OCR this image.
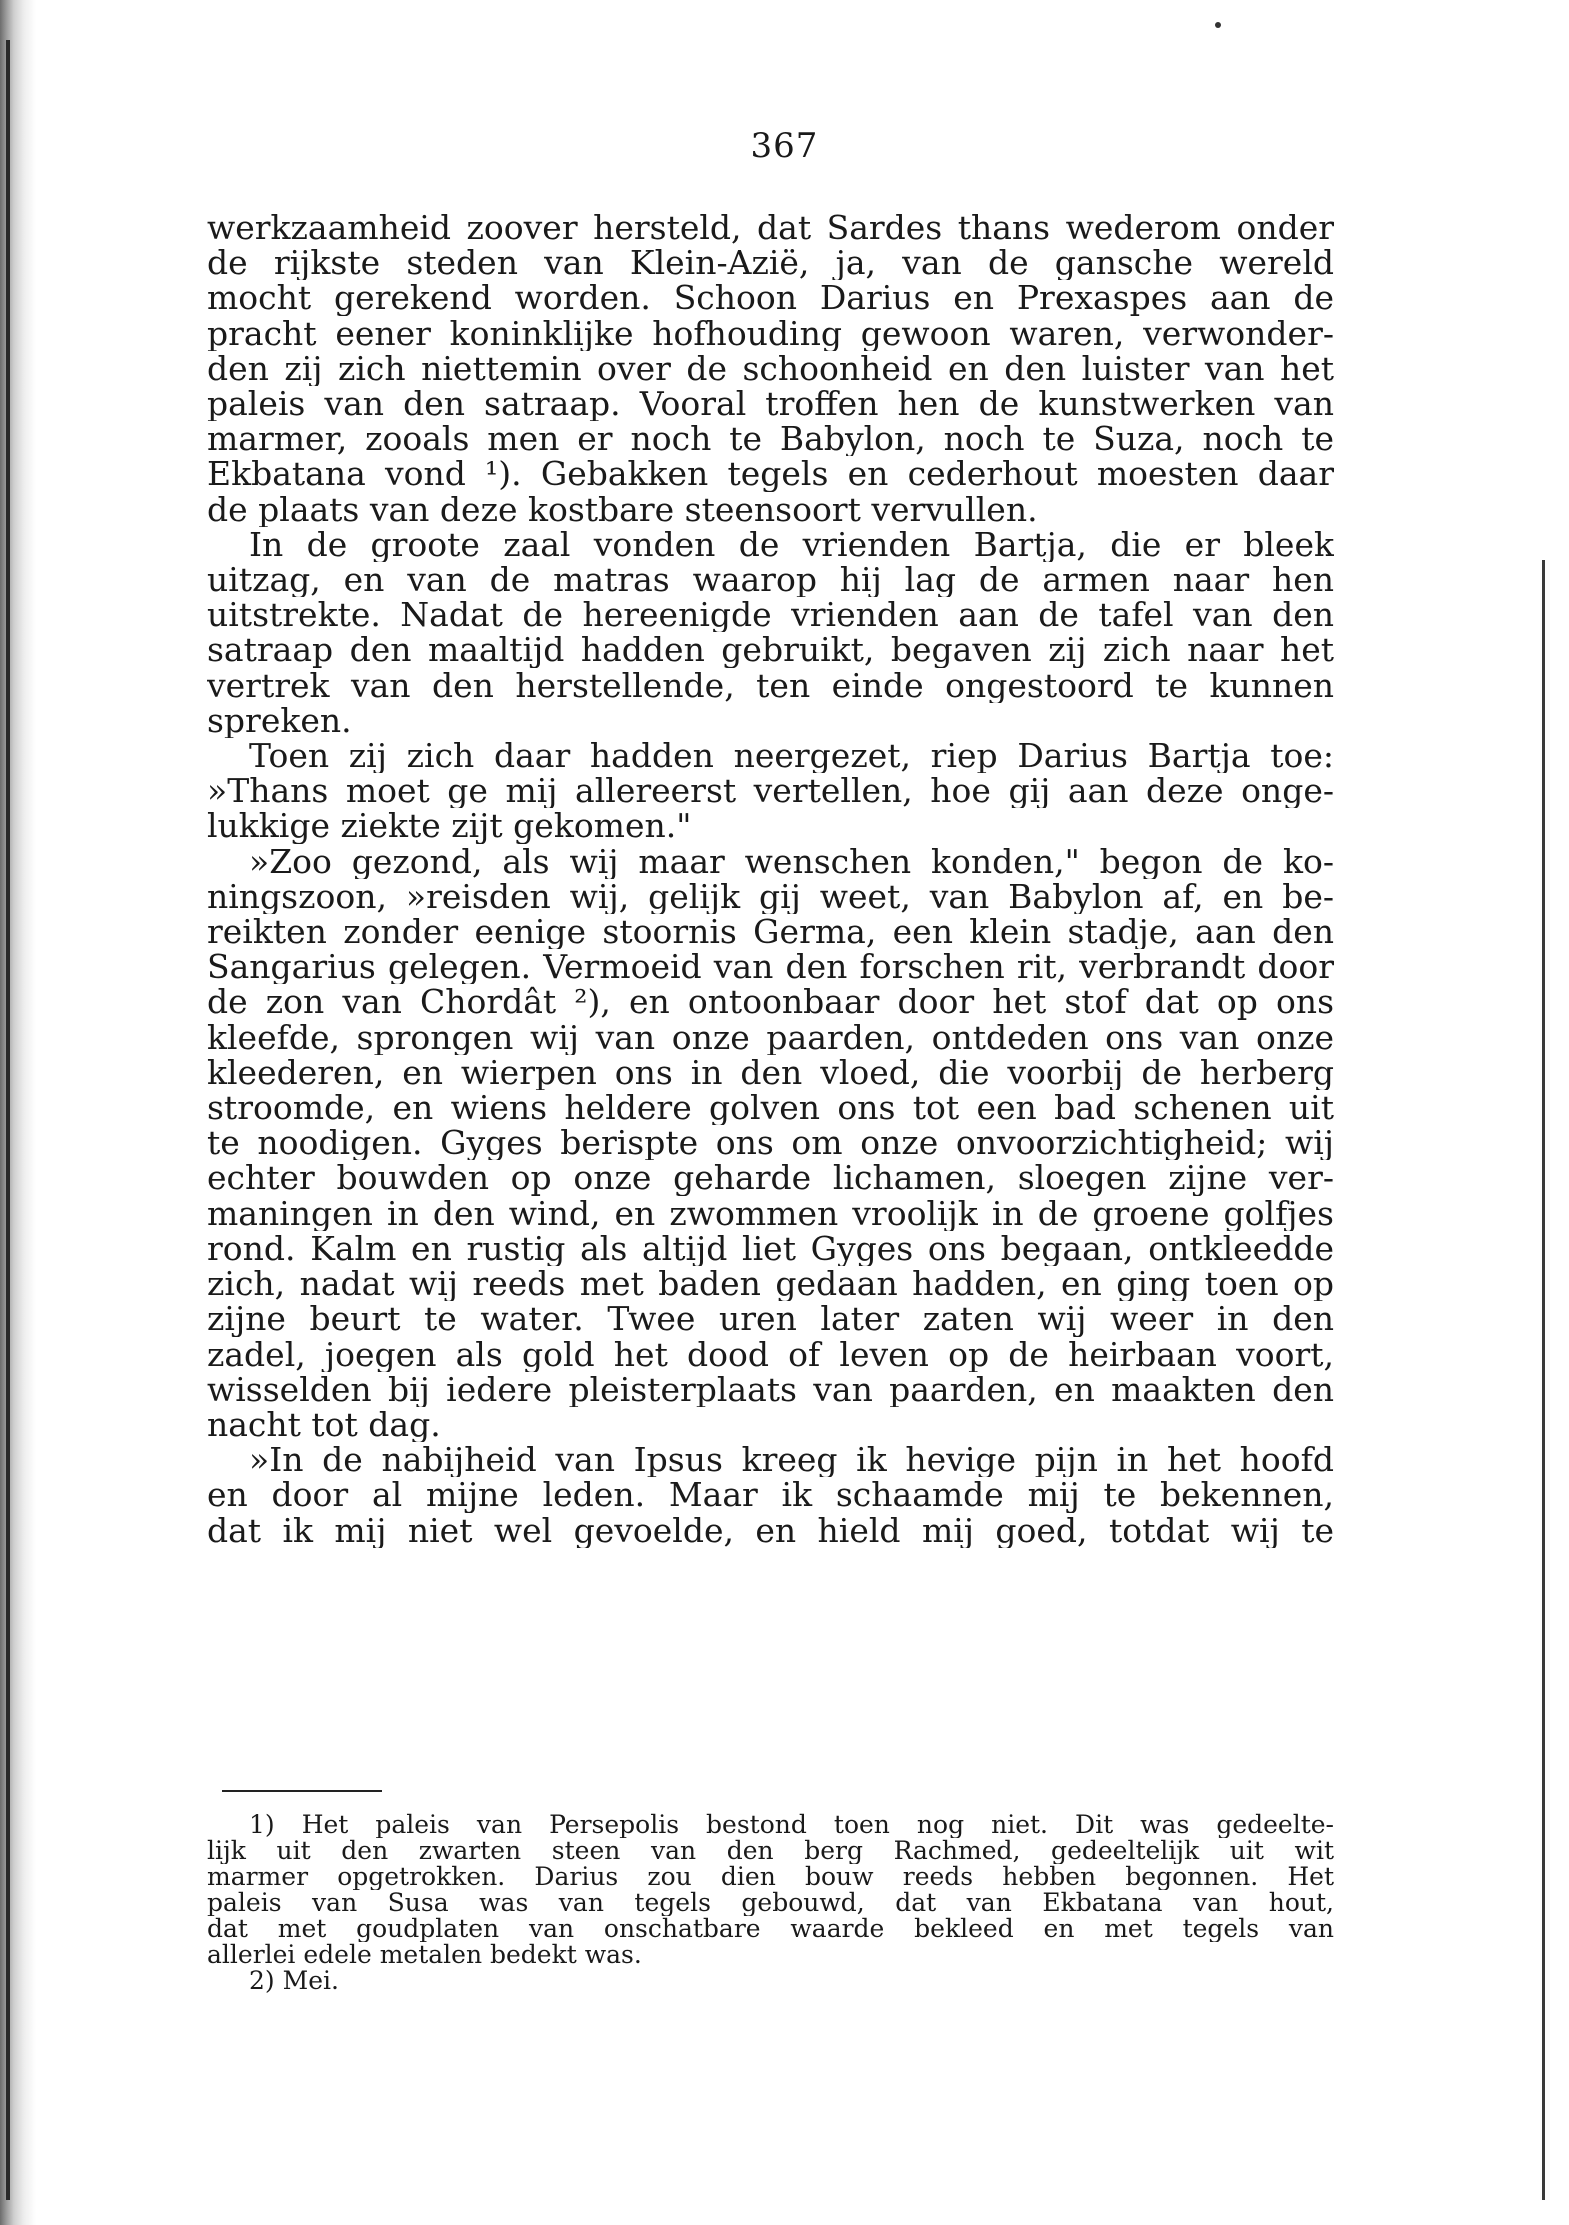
367

werkzaamheid zoover hersteld, dat Sardes thans wederom onder

de rijkste steden van Klein-Azië, ja, van de gansche wereld

mocht gerekend worden. Schoon Darius en Prexaspes aan de

pracht eener koninklijke hofhouding gewoon waren, verwonder-

den zij zich niettemin over de schoonheid en den luister van het

paleis van den satraap. Vooral troffen hen de kunstwerken van

marmer, zooals men er noch te Babylon, noch te Suza, noch te

Ekbatana vond ¹). Gebakken tegels en cederhout moesten daar

de plaats van deze kostbare steensoort vervullen.

In de groote zaal vonden de vrienden Bartja, die er bleek

uitzag, en van de matras waarop hij lag de armen naar hen

uitstrekte. Nadat de hereenigde vrienden aan de tafel van den

satraap den maaltijd hadden gebruikt, begaven zij zich naar het

vertrek van den herstellende, ten einde ongestoord te kunnen

spreken.

Toen zij zich daar hadden neergezet, riep Darius Bartja toe:

»Thans moet ge mij allereerst vertellen, hoe gij aan deze onge-

lukkige ziekte zijt gekomen."

»Zoo gezond, als wij maar wenschen konden," begon de ko-

ningszoon, »reisden wij, gelijk gij weet, van Babylon af, en be-

reikten zonder eenige stoornis Germa, een klein stadje, aan den

Sangarius gelegen. Vermoeid van den forschen rit, verbrandt door

de zon van Chordât ²), en ontoonbaar door het stof dat op ons

kleefde, sprongen wij van onze paarden, ontdeden ons van onze

kleederen, en wierpen ons in den vloed, die voorbij de herberg

stroomde, en wiens heldere golven ons tot een bad schenen uit

te noodigen. Gyges berispte ons om onze onvoorzichtigheid; wij

echter bouwden op onze geharde lichamen, sloegen zijne ver-

maningen in den wind, en zwommen vroolijk in de groene golfjes

rond. Kalm en rustig als altijd liet Gyges ons begaan, ontkleedde

zich, nadat wij reeds met baden gedaan hadden, en ging toen op

zijne beurt te water. Twee uren later zaten wij weer in den

zadel, joegen als gold het dood of leven op de heirbaan voort,

wisselden bij iedere pleisterplaats van paarden, en maakten den

nacht tot dag.

»In de nabijheid van Ipsus kreeg ik hevige pijn in het hoofd

en door al mijne leden. Maar ik schaamde mij te bekennen,

dat ik mij niet wel gevoelde, en hield mij goed, totdat wij te

1) Het paleis van Persepolis bestond toen nog niet. Dit was gedeelte-

lijk uit den zwarten steen van den berg Rachmed, gedeeltelijk uit wit

marmer opgetrokken. Darius zou dien bouw reeds hebben begonnen. Het

paleis van Susa was van tegels gebouwd, dat van Ekbatana van hout,

dat met goudplaten van onschatbare waarde bekleed en met tegels van

allerlei edele metalen bedekt was.

2) Mei.
